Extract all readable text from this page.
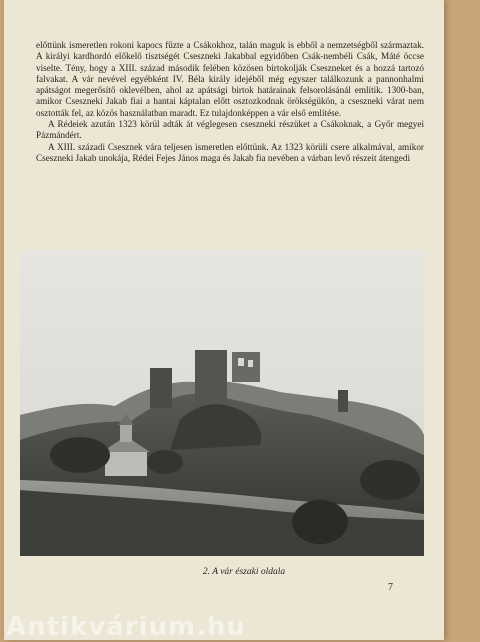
előttünk ismeretlen rokoni kapocs fűzte a Csákokhoz, talán maguk is ebből a nemzetségből származtak. A királyi kardhordó előkelő tisztségét Csesznеki Jakabbal egyidőben Csák-nembéli Csák, Máté öccse viselte. Tény, hogy a XIII. század második felében közösen birtokolják Csesznеket és a hozzá tartozó falvakat. A vár nevével egyébként IV. Béla király idejéből még egyszer találkozunk a pannonhalmi apátságot megerősítő oklevélben, ahol az apátsági birtok határainak felsorolásánál említik. 1300-ban, amikor Csesznеki Jakab fiai a hantai káptalan előtt osztozkodnak örökségükön, a csesznеki várat nem osztották fel, az közös használatban maradt. Ez tulajdonképpen a vár első említése.

A Rédeiek azután 1323 körül adták át véglegesen csesznеki részüket a Csákoknak, a Győr megyei Pázmándért.

A XIII. századi Csesznek vára teljesen ismeretlen előttünk. Az 1323 körüli csere alkalmával, amikor Csesznеki Jakab unokája, Rédei Fejes János maga és Jakab fia nevében a várban levő részeit átengedi

2. A vár északi oldala
7
Antikvárium.hu
